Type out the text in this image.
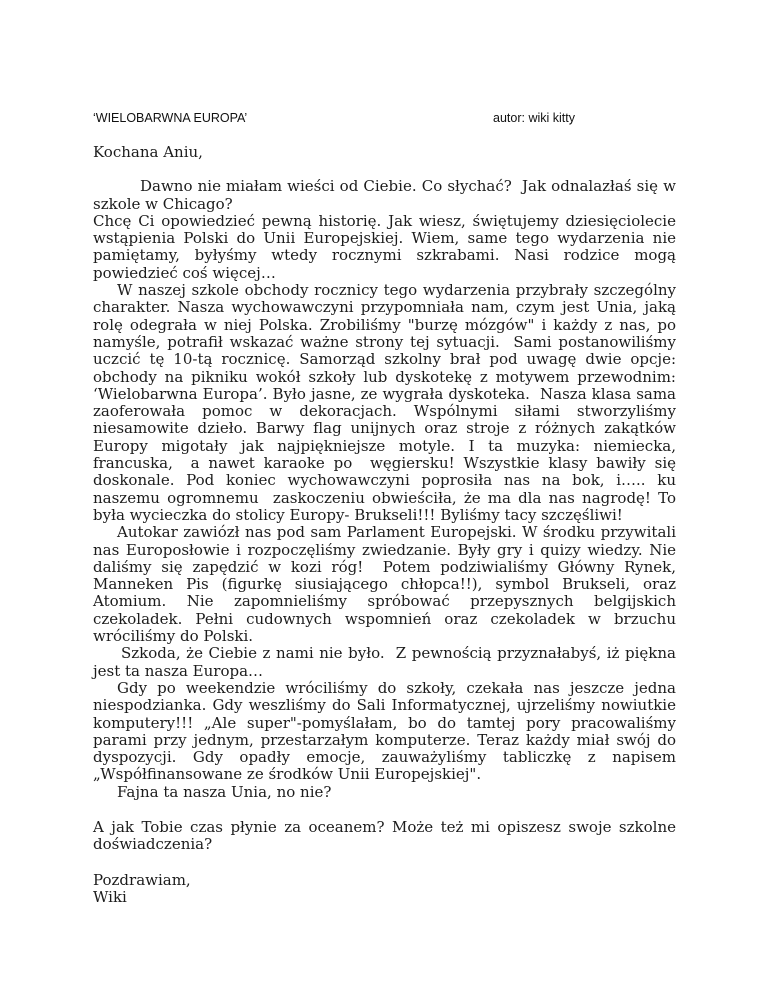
‘WIELOBARWNA EUROPA’	autor: wiki kitty

Kochana Aniu,

Dawno nie miałam wieści od Ciebie. Co słychać?  Jak odnalazłaś się w szkole w Chicago?

Chcę Ci opowiedzieć pewną historię. Jak wiesz, świętujemy dziesięciolecie wstąpienia Polski do Unii Europejskiej. Wiem, same tego wydarzenia nie pamiętamy, byłyśmy wtedy rocznymi szkrabami. Nasi rodzice mogą powiedzieć coś więcej…

W naszej szkole obchody rocznicy tego wydarzenia przybrały szczególny charakter. Nasza wychowawczyni przypomniała nam, czym jest Unia, jaką rolę odegrała w niej Polska. Zrobiliśmy "burzę mózgów" i każdy z nas, po namyśle, potrafił wskazać ważne strony tej sytuacji.  Sami postanowiliśmy uczcić tę 10-tą rocznicę. Samorząd szkolny brał pod uwagę dwie opcje: obchody na pikniku wokół szkoły lub dyskotekę z motywem przewodnim: ‘Wielobarwna Europa’. Było jasne, ze wygrała dyskoteka.  Nasza klasa sama zaoferowała pomoc w dekoracjach. Wspólnymi siłami stworzyliśmy  niesamowite dzieło. Barwy flag unijnych oraz stroje z różnych zakątków Europy migotały jak najpiękniejsze motyle. I ta muzyka: niemiecka, francuska,  a nawet karaoke po  węgiersku! Wszystkie klasy bawiły się doskonale. Pod koniec wychowawczyni poprosiła nas na bok, i….. ku naszemu ogromnemu  zaskoczeniu obwieściła, że ma dla nas nagrodę! To była wycieczka do stolicy Europy- Brukseli!!! Byliśmy tacy szczęśliwi!

Autokar zawiózł nas pod sam Parlament Europejski. W środku przywitali nas Europosłowie i rozpoczęliśmy zwiedzanie. Były gry i quizy wiedzy. Nie daliśmy się zapędzić w kozi róg!  Potem podziwialiśmy Główny Rynek, Manneken Pis (figurkę siusiającego chłopca!!), symbol Brukseli, oraz Atomium. Nie zapomnieliśmy spróbować przepysznych belgijskich czekoladek. Pełni cudownych wspomnień oraz czekoladek w brzuchu wróciliśmy do Polski.

Szkoda, że Ciebie z nami nie było.  Z pewnością przyznałabyś, iż piękna jest ta nasza Europa…

Gdy po weekendzie wróciliśmy do szkoły, czekała nas jeszcze jedna niespodzianka. Gdy weszliśmy do Sali Informatycznej, ujrzeliśmy nowiutkie komputery!!! „Ale super"-pomyślałam, bo do tamtej pory pracowaliśmy parami przy jednym, przestarzałym komputerze. Teraz każdy miał swój do dyspozycji. Gdy opadły emocje, zauważyliśmy tabliczkę z napisem „Współfinansowane ze środków Unii Europejskiej".

Fajna ta nasza Unia, no nie?

A jak Tobie czas płynie za oceanem? Może też mi opiszesz swoje szkolne doświadczenia?

Pozdrawiam,

Wiki
